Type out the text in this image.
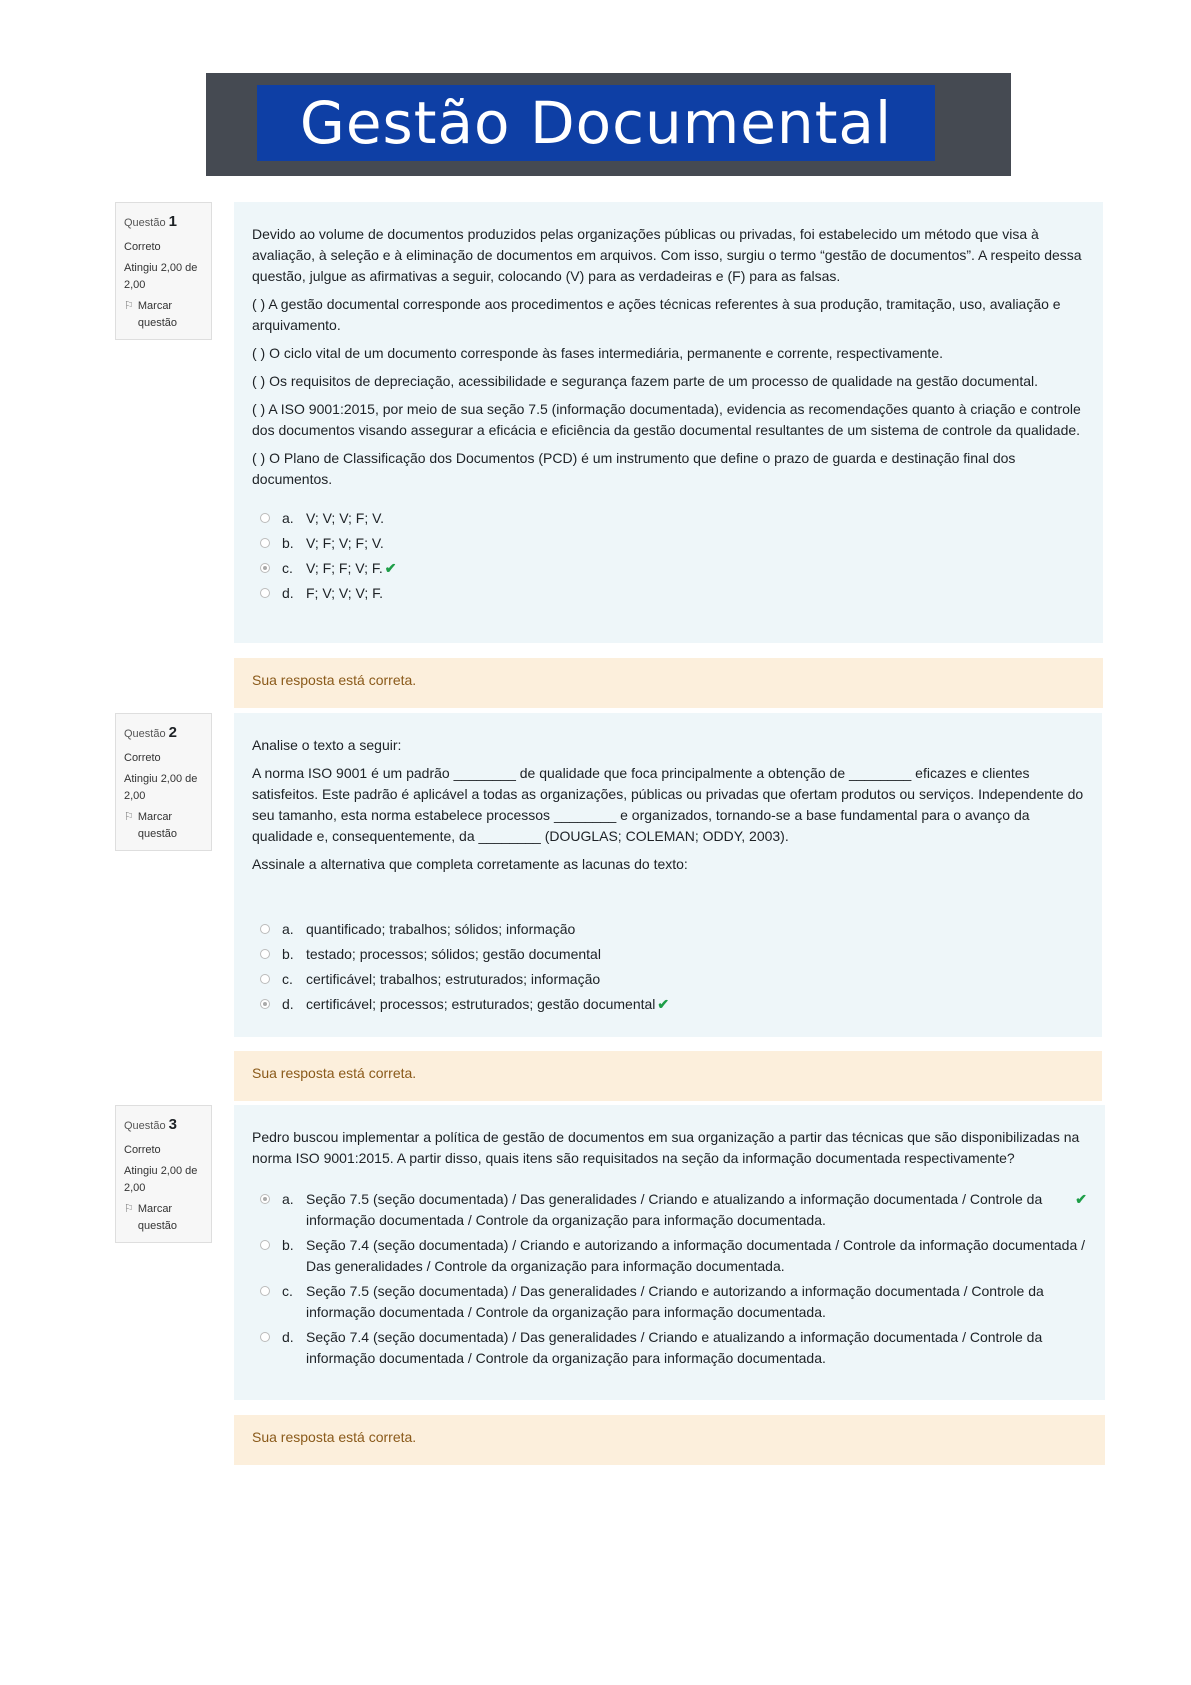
Gestão Documental
Questão 1
Correto
Atingiu 2,00 de 2,00
⚐ Marcar questão

Devido ao volume de documentos produzidos pelas organizações públicas ou privadas, foi estabelecido um método que visa à avaliação, à seleção e à eliminação de documentos em arquivos. Com isso, surgiu o termo “gestão de documentos”. A respeito dessa questão, julgue as afirmativas a seguir, colocando (V) para as verdadeiras e (F) para as falsas.

( ) A gestão documental corresponde aos procedimentos e ações técnicas referentes à sua produção, tramitação, uso, avaliação e arquivamento.

( ) O ciclo vital de um documento corresponde às fases intermediária, permanente e corrente, respectivamente.

( ) Os requisitos de depreciação, acessibilidade e segurança fazem parte de um processo de qualidade na gestão documental.

( ) A ISO 9001:2015, por meio de sua seção 7.5 (informação documentada), evidencia as recomendações quanto à criação e controle dos documentos visando assegurar a eficácia e eficiência da gestão documental resultantes de um sistema de controle da qualidade.

( ) O Plano de Classificação dos Documentos (PCD) é um instrumento que define o prazo de guarda e destinação final dos documentos.

a. V; V; V; F; V.
b. V; F; V; F; V.
c. V; F; F; V; F. ✔
d. F; V; V; V; F.
Sua resposta está correta.
Questão 2
Correto
Atingiu 2,00 de 2,00
⚐ Marcar questão

Analise o texto a seguir:

A norma ISO 9001 é um padrão ________ de qualidade que foca principalmente a obtenção de ________ eficazes e clientes satisfeitos. Este padrão é aplicável a todas as organizações, públicas ou privadas que ofertam produtos ou serviços. Independente do seu tamanho, esta norma estabelece processos ________ e organizados, tornando-se a base fundamental para o avanço da qualidade e, consequentemente, da ________ (DOUGLAS; COLEMAN; ODDY, 2003).

Assinale a alternativa que completa corretamente as lacunas do texto:

a. quantificado; trabalhos; sólidos; informação
b. testado; processos; sólidos; gestão documental
c. certificável; trabalhos; estruturados; informação
d. certificável; processos; estruturados; gestão documental ✔
Sua resposta está correta.
Questão 3
Correto
Atingiu 2,00 de 2,00
⚐ Marcar questão

Pedro buscou implementar a política de gestão de documentos em sua organização a partir das técnicas que são disponibilizadas na norma ISO 9001:2015. A partir disso, quais itens são requisitados na seção da informação documentada respectivamente?

a. Seção 7.5 (seção documentada) / Das generalidades / Criando e atualizando a informação documentada / Controle da informação documentada / Controle da organização para informação documentada.
✔
b. Seção 7.4 (seção documentada) / Criando e autorizando a informação documentada / Controle da informação documentada / Das generalidades / Controle da organização para informação documentada.
c. Seção 7.5 (seção documentada) / Das generalidades / Criando e autorizando a informação documentada / Controle da informação documentada / Controle da organização para informação documentada.
d. Seção 7.4 (seção documentada) / Das generalidades / Criando e atualizando a informação documentada / Controle da informação documentada / Controle da organização para informação documentada.
Sua resposta está correta.
